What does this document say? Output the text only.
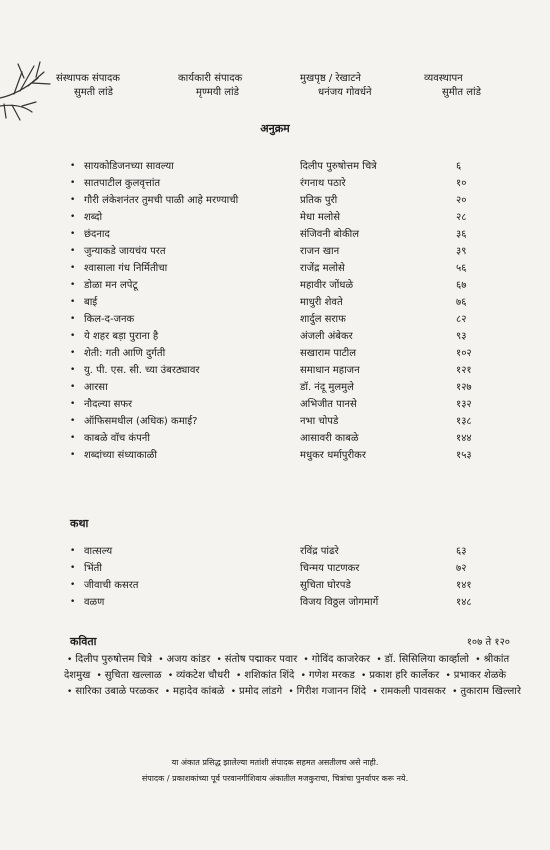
संस्थापक संपादक
सुमती लांडे
कार्यकारी संपादक
मृण्मयी लांडे
मुखपृष्ठ / रेखाटने
धनंजय गोवर्धने
व्यवस्थापन
सुमीत लांडे
अनुक्रम
• सायकोडिजनच्या सावल्या	दिलीप पुरुषोत्तम चित्रे	६
• सातपाटील कुलवृत्तांत	रंगनाथ पठारे	१०
• गौरी लंकेशनंतर तुमची पाळी आहे मरण्याची	प्रतिक पुरी	२०
• शब्दो	मेधा मलोसे	२८
• छंदनाद	संजिवनी बोकील	३६
• जुन्याकडे जायचंय परत	राजन खान	३९
• श्वासाला गंध निर्मितीचा	राजेंद्र मलोसे	५६
• डोळा मन लपेटू	महावीर जोंधळे	६७
• बाई	माधुरी शेवते	७६
• किल-द-जनक	शार्दुल सराफ	८२
• ये शहर बड़ा पुराना है	अंजली अंबेकर	९३
• शेती: गती आणि दुर्गती	सखाराम पाटील	१०२
• यु. पी. एस. सी. च्या उंबरठ्यावर	समाधान महाजन	१२१
• आरसा	डॉ. नंदू मुलमुले	१२७
• नौदल्या सफर	अभिजीत पानसे	१३२
• ऑफिसमधील (अधिक) कमाई?	नभा चोपडे	१३८
• काबळे वॉच कंपनी	आसावरी काबळे	१४४
• शब्दांच्या संध्याकाळी	मधुकर धर्मापुरीकर	१५३
कथा
• वात्सल्य	रविंद्र पांढरे	६३
• भिंती	चिन्मय पाटणकर	७२
• जीवाची कसरत	सुचिता घोरपडे	१४१
• वळण	विजय विठ्ठल जोगमार्गे	१४८
कविता	१०७ ते १२०
• दिलीप पुरुषोत्तम चित्रे • अजय कांडर • संतोष पद्माकर पवार • गोविंद काजरेकर • डॉ. सिसिलिया कार्व्हालो • श्रीकांत देशमुख • सुचिता खल्लाळ • व्यंकटेश चौधरी • शशिकांत शिंदे • गणेश मरकड • प्रकाश हरि कार्लेकर • प्रभाकर शेळके • सारिका उबाळे परळकर • महादेव कांबळे • प्रमोद लांडगे • गिरीश गजानन शिंदे • रामकली पावसकर • तुकाराम खिल्लारे
या अंकात प्रसिद्ध झालेल्या मतांशी संपादक सहमत असतीलच असे नाही.
संपादक / प्रकाशकांच्या पूर्व परवानगीशिवाय अंकातील मजकुराचा, चित्रांचा पुनर्वापर करू नये.
